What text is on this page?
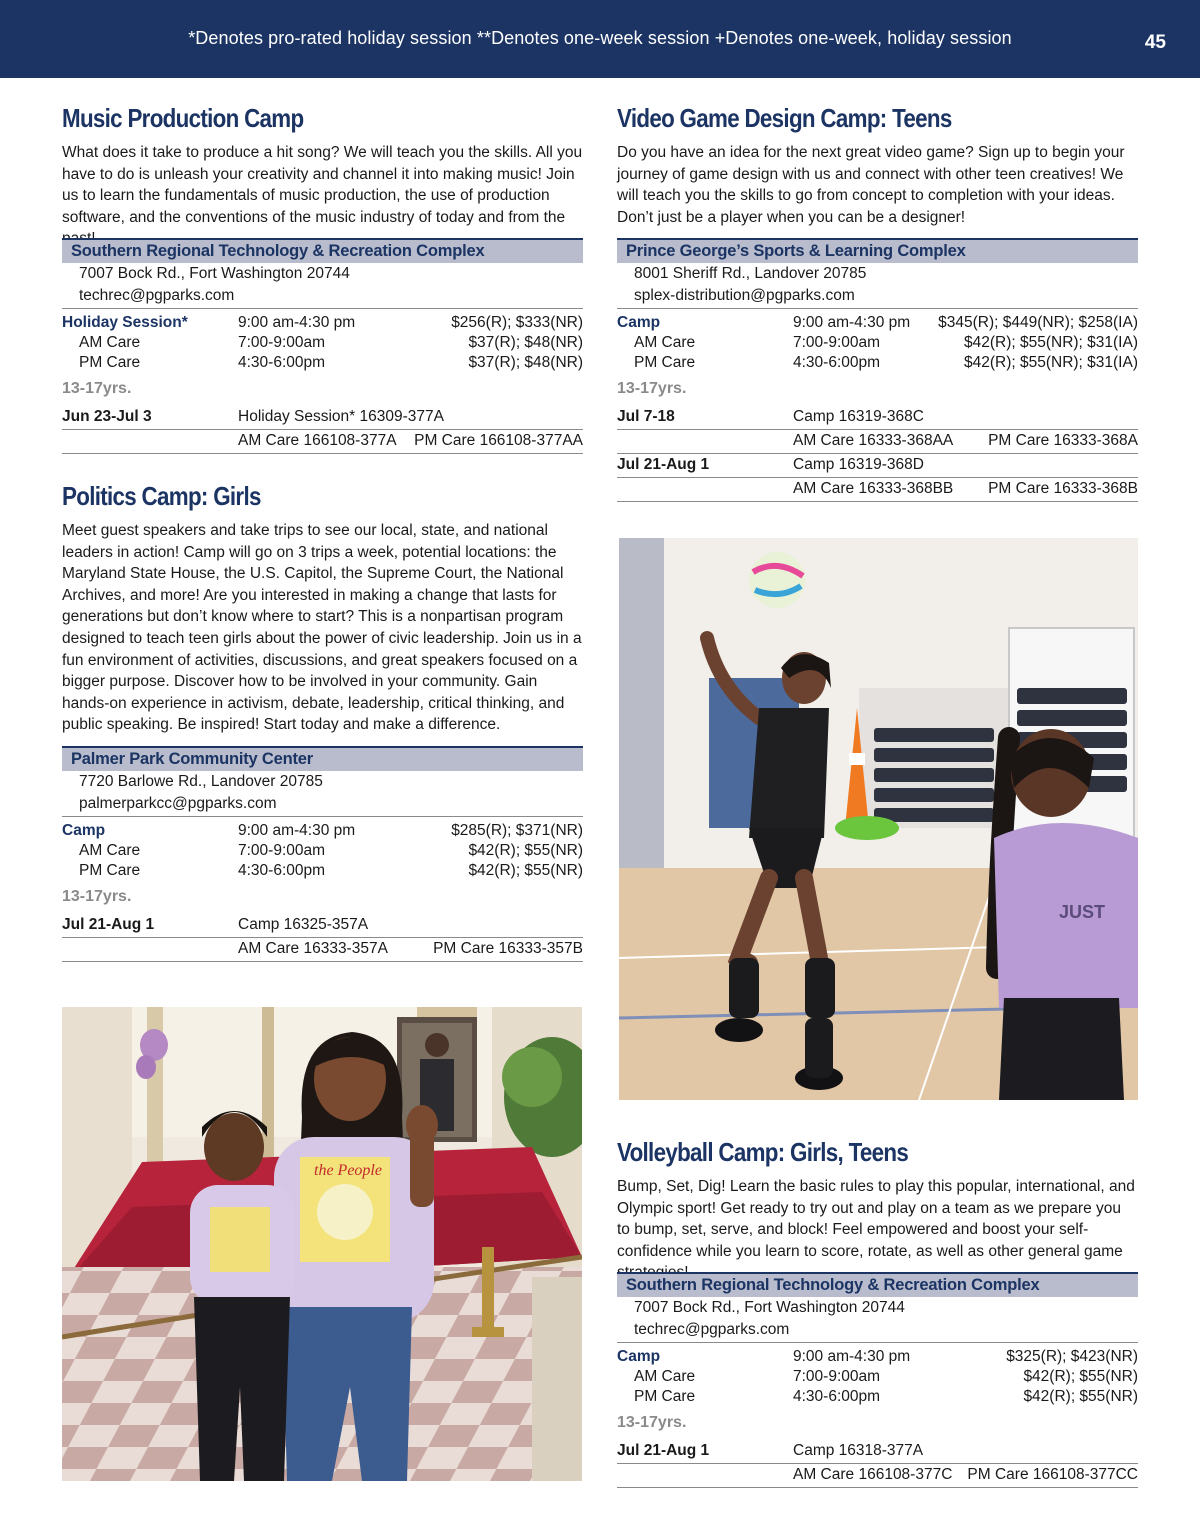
*Denotes pro-rated holiday session **Denotes one-week session +Denotes one-week, holiday session	45
Music Production Camp

What does it take to produce a hit song? We will teach you the skills. All you have to do is unleash your creativity and channel it into making music! Join us to learn the fundamentals of music production, the use of production software, and the conventions of the music industry of today and from the

Southern Regional Technology & Recreation Complex
7007 Bock Rd., Fort Washington 20744
techrec@pgparks.com
Holiday Session*	9:00 am-4:30 pm	$256(R); $333(NR)
AM Care	7:00-9:00am	$37(R); $48(NR)
PM Care	4:30-6:00pm	$37(R); $48(NR)
13-17yrs.
Jun 23-Jul 3	Holiday Session* 16309-377A
AM Care 166108-377A PM Care 166108-377AA
Politics Camp: Girls

Meet guest speakers and take trips to see our local, state, and national leaders in action! Camp will go on 3 trips a week, potential locations: the Maryland State House, the U.S. Capitol, the Supreme Court, the National Archives, and more! Are you interested in making a change that lasts for generations but don’t know where to start? This is a nonpartisan program designed to teach teen girls about the power of civic leadership. Join us in a fun environment of activities, discussions, and great speakers focused on a bigger purpose. Discover how to be involved in your community. Gain hands-on experience in activism, debate, leadership, critical thinking, and public speaking. Be inspired! Start today and make a difference.

Palmer Park Community Center
7720 Barlowe Rd., Landover 20785
palmerparkcc@pgparks.com
Camp	9:00 am-4:30 pm	$285(R); $371(NR)
AM Care	7:00-9:00am	$42(R); $55(NR)
PM Care	4:30-6:00pm	$42(R); $55(NR)
13-17yrs.
Jul 21-Aug 1	Camp 16325-357A
AM Care 16333-357A	PM Care 16333-357B
the People
Video Game Design Camp: Teens

Do you have an idea for the next great video game? Sign up to begin your journey of game design with us and connect with other teen creatives! We will teach you the skills to go from concept to completion with your ideas. Don’t just be a player when you can be a designer!

Prince George’s Sports & Learning Complex
8001 Sheriff Rd., Landover 20785
splex-distribution@pgparks.com
Camp	9:00 am-4:30 pm $345(R); $449(NR); $258(IA)
AM Care	7:00-9:00am	$42(R); $55(NR); $31(IA)
PM Care	4:30-6:00pm	$42(R); $55(NR); $31(IA)
13-17yrs.
Jul 7-18	Camp 16319-368C
AM Care 16333-368AA PM Care 16333-368A
Jul 21-Aug 1	Camp 16319-368D
AM Care 16333-368BB PM Care 16333-368B
JUST
Volleyball Camp: Girls, Teens

Bump, Set, Dig! Learn the basic rules to play this popular, international, and Olympic sport! Get ready to try out and play on a team as we prepare you to bump, set, serve, and block! Feel empowered and boost your self-confidence while you learn to score, rotate, as well as other general game

Southern Regional Technology & Recreation Complex
7007 Bock Rd., Fort Washington 20744
techrec@pgparks.com
Camp	9:00 am-4:30 pm	$325(R); $423(NR)
AM Care	7:00-9:00am	$42(R); $55(NR)
PM Care	4:30-6:00pm	$42(R); $55(NR)
13-17yrs.
Jul 21-Aug 1	Camp 16318-377A
AM Care 166108-377C PM Care 166108-377CC
